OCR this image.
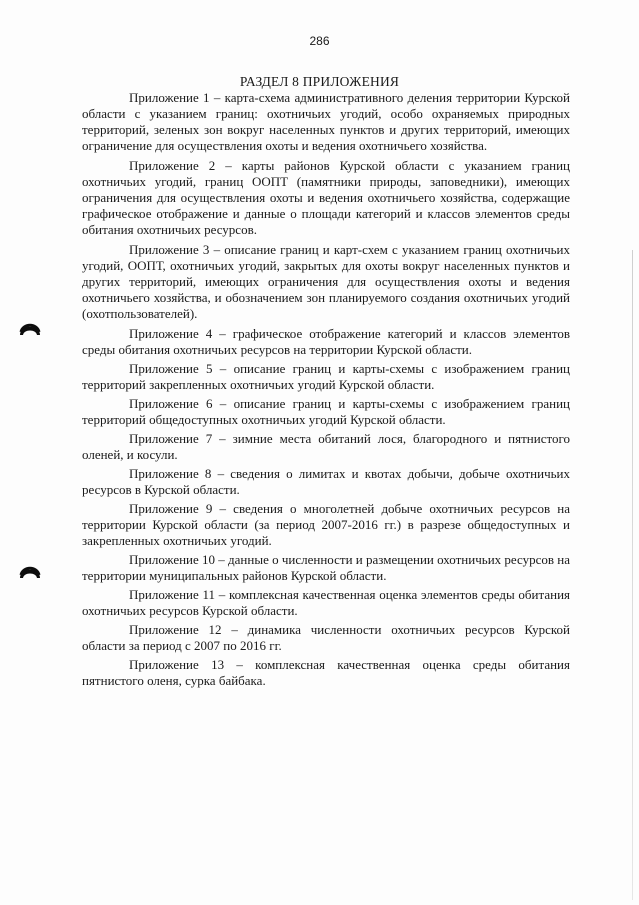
286
РАЗДЕЛ 8 ПРИЛОЖЕНИЯ

Приложение 1 – карта-схема административного деления территории Курской области с указанием границ: охотничьих угодий, особо охраняемых природных территорий, зеленых зон вокруг населенных пунктов и других территорий, имеющих ограничение для осуществления охоты и ведения охотничьего хозяйства.

Приложение 2 – карты районов Курской области с указанием границ охотничьих угодий, границ ООПТ (памятники природы, заповедники), имеющих ограничения для осуществления охоты и ведения охотничьего хозяйства, содержащие графическое отображение и данные о площади категорий и классов элементов среды обитания охотничьих ресурсов.

Приложение 3 – описание границ и карт-схем с указанием границ охотничьих угодий, ООПТ, охотничьих угодий, закрытых для охоты вокруг населенных пунктов и других территорий, имеющих ограничения для осуществления охоты и ведения охотничьего хозяйства, и обозначением зон планируемого создания охотничьих угодий (охотпользователей).

Приложение 4 – графическое отображение категорий и классов элементов среды обитания охотничьих ресурсов на территории Курской области.

Приложение 5 – описание границ и карты-схемы с изображением границ территорий закрепленных охотничьих угодий Курской области.

Приложение 6 – описание границ и карты-схемы с изображением границ территорий общедоступных охотничьих угодий Курской области.

Приложение 7 – зимние места обитаний лося, благородного и пятнистого оленей, и косули.

Приложение 8 – сведения о лимитах и квотах добычи, добыче охотничьих ресурсов в Курской области.

Приложение 9 – сведения о многолетней добыче охотничьих ресурсов на территории Курской области (за период 2007-2016 гг.) в разрезе общедоступных и закрепленных охотничьих угодий.

Приложение 10 – данные о численности и размещении охотничьих ресурсов на территории муниципальных районов Курской области.

Приложение 11 – комплексная качественная оценка элементов среды обитания охотничьих ресурсов Курской области.

Приложение 12 – динамика численности охотничьих ресурсов Курской области за период с 2007 по 2016 гг.

Приложение 13 – комплексная качественная оценка среды обитания пятнистого оленя, сурка байбака.
